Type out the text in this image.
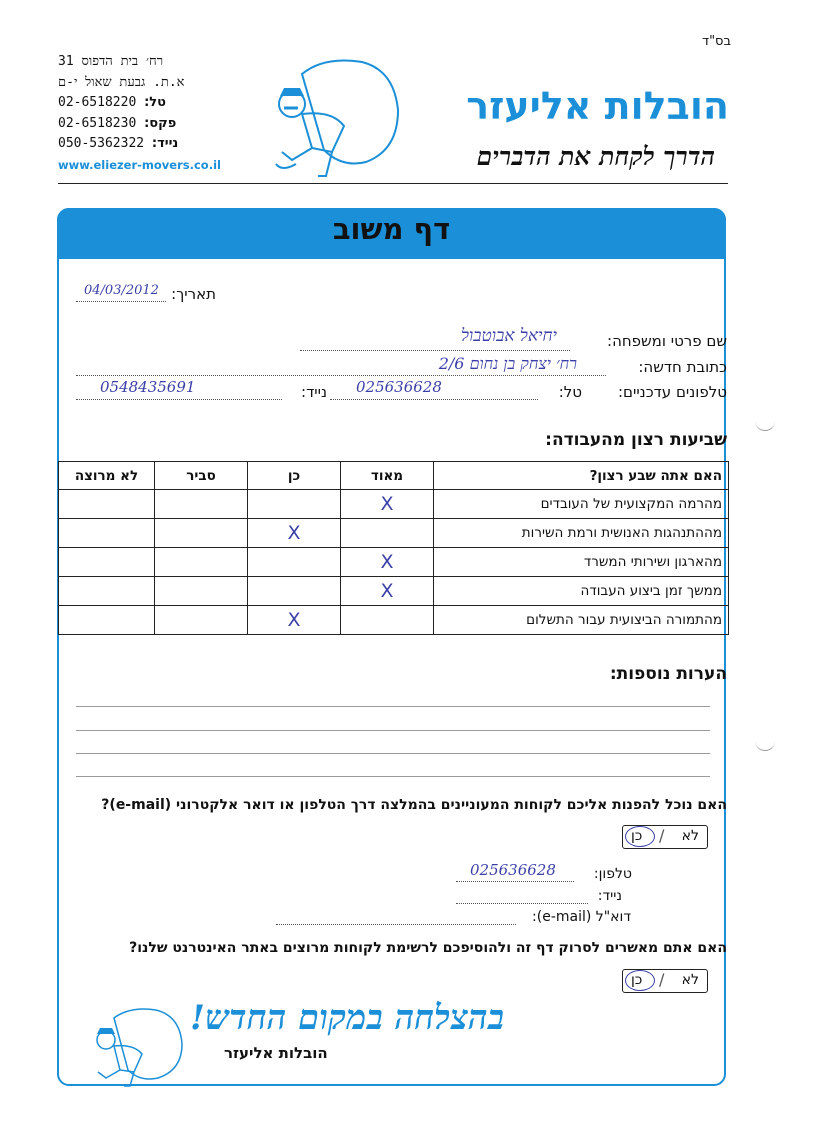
בס"ד
רח׳ בית הדפוס 31
א.ת. גבעת שאול י-ם
טל: 02-6518220
פקס: 02-6518230
נייד: 050-5362322
www.eliezer-movers.co.il
הובלות אליעזר
הדרך לקחת את הדברים
דף משוב
תאריך:
04/03/2012
שם פרטי ומשפחה:
יחיאל אבוטבול
כתובת חדשה:
רח׳ יצחק בן נחום 2/6
טלפונים עדכניים:
טל:
025636628
נייד:
0548435691
שביעות רצון מהעבודה:
האם אתה שבע רצון?	מאוד	כן	סביר	לא מרוצה
מהרמה המקצועית של העובדים	X			
מההתנהגות האנושית ורמת השירות		X		
מהארגון ושירותי המשרד	X			
ממשך זמן ביצוע העבודה	X			
מהתמורה הביצועית עבור התשלום		X		
הערות נוספות:
האם נוכל להפנות אליכם לקוחות המעוניינים בהמלצה דרך הטלפון או דואר אלקטרוני (e-mail)?
לא
/
כן
טלפון:
025636628
נייד:
דוא"ל (e-mail):
האם אתם מאשרים לסרוק דף זה ולהוסיפכם לרשימת לקוחות מרוצים באתר האינטרנט שלנו?
לא
/
כן
בהצלחה במקום החדש!
הובלות אליעזר
